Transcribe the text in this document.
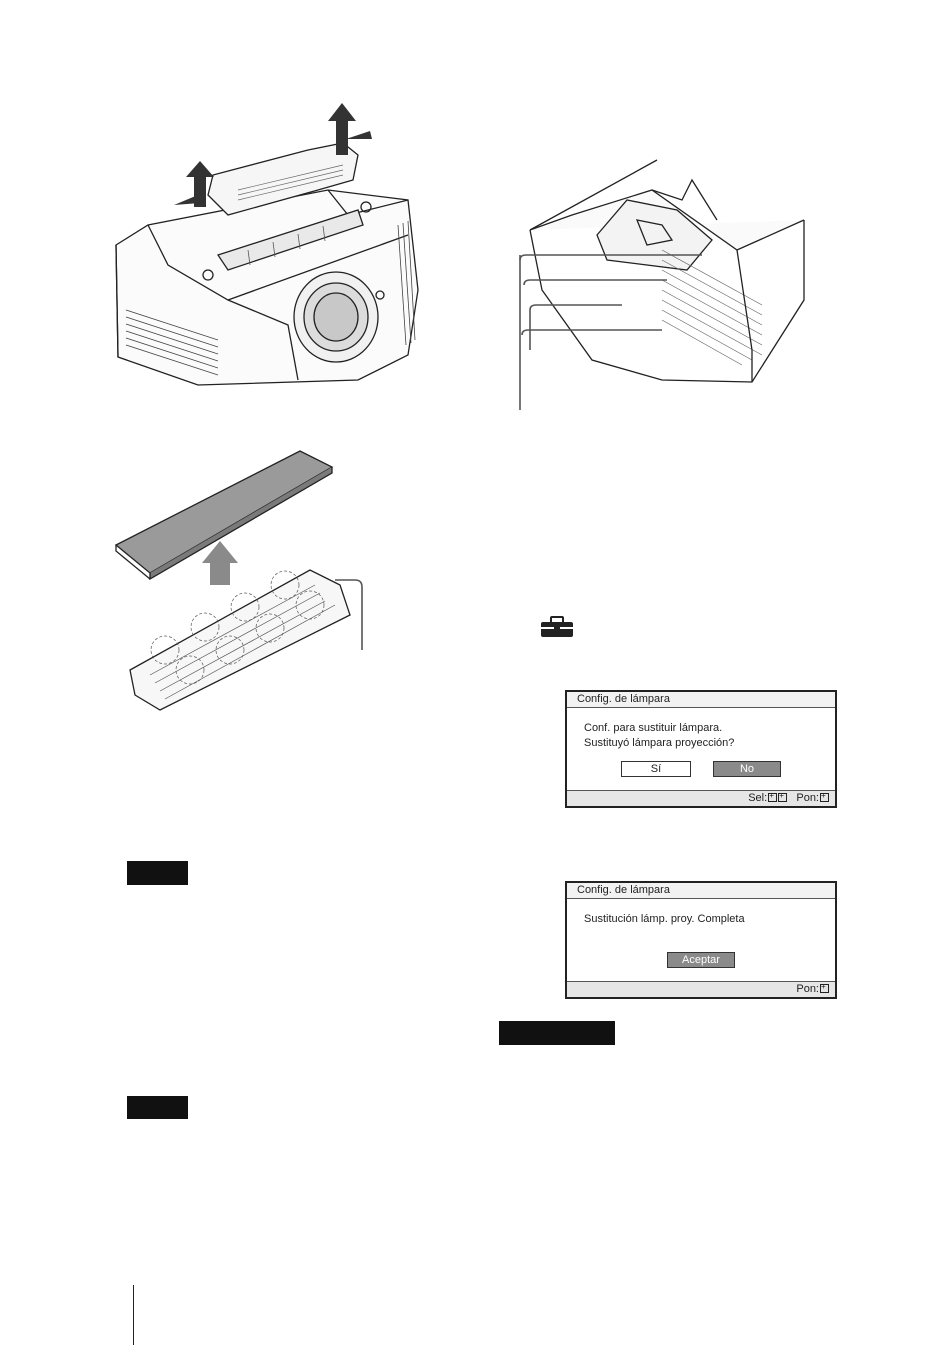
Config. de lámpara
Conf. para sustituir lámpara.
Sustituyó lámpara proyección?
Sí	No
Sel: + +	Pon:+
Config. de lámpara
Sustitución lámp. proy. Completa
Aceptar
Pon:+
